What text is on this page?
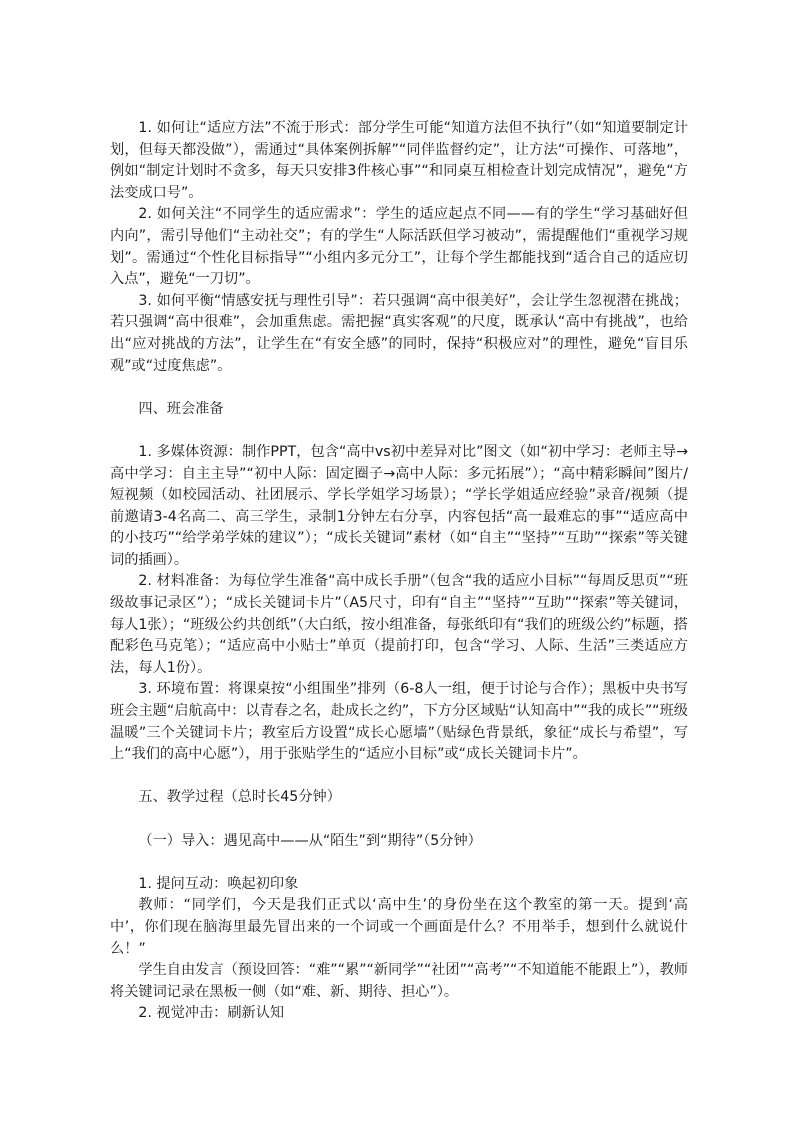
1. 如何让“适应方法”不流于形式：部分学生可能“知道方法但不执行”（如“知道要制定计划，但每天都没做”），需通过“具体案例拆解”“同伴监督约定”，让方法“可操作、可落地”，例如“制定计划时不贪多，每天只安排3件核心事”“和同桌互相检查计划完成情况”，避免“方法变成口号”。

2. 如何关注“不同学生的适应需求”：学生的适应起点不同——有的学生“学习基础好但内向”，需引导他们“主动社交”；有的学生“人际活跃但学习被动”，需提醒他们“重视学习规划”。需通过“个性化目标指导”“小组内多元分工”，让每个学生都能找到“适合自己的适应切入点”，避免“一刀切”。

3. 如何平衡“情感安抚与理性引导”：若只强调“高中很美好”，会让学生忽视潜在挑战；若只强调“高中很难”，会加重焦虑。需把握“真实客观”的尺度，既承认“高中有挑战”，也给出“应对挑战的方法”，让学生在“有安全感”的同时，保持“积极应对”的理性，避免“盲目乐观”或“过度焦虑”。

四、班会准备

1. 多媒体资源：制作PPT，包含“高中vs初中差异对比”图文（如“初中学习：老师主导→高中学习：自主主导”“初中人际：固定圈子→高中人际：多元拓展”）；“高中精彩瞬间”图片/短视频（如校园活动、社团展示、学长学姐学习场景）；“学长学姐适应经验”录音/视频（提前邀请3-4名高二、高三学生，录制1分钟左右分享，内容包括“高一最难忘的事”“适应高中的小技巧”“给学弟学妹的建议”）；“成长关键词”素材（如“自主”“坚持”“互助”“探索”等关键词的插画）。

2. 材料准备：为每位学生准备“高中成长手册”（包含“我的适应小目标”“每周反思页”“班级故事记录区”）；“成长关键词卡片”（A5尺寸，印有“自主”“坚持”“互助”“探索”等关键词，每人1张）；“班级公约共创纸”（大白纸，按小组准备，每张纸印有“我们的班级公约”标题，搭配彩色马克笔）；“适应高中小贴士”单页（提前打印，包含“学习、人际、生活”三类适应方法，每人1份）。

3. 环境布置：将课桌按“小组围坐”排列（6-8人一组，便于讨论与合作）；黑板中央书写班会主题“启航高中：以青春之名，赴成长之约”，下方分区域贴“认知高中”“我的成长”“班级温暖”三个关键词卡片；教室后方设置“成长心愿墙”（贴绿色背景纸，象征“成长与希望”，写上“我们的高中心愿”），用于张贴学生的“适应小目标”或“成长关键词卡片”。

五、教学过程（总时长45分钟）

（一）导入：遇见高中——从“陌生”到“期待”（5分钟）

1. 提问互动：唤起初印象

教师：“同学们，今天是我们正式以‘高中生’的身份坐在这个教室的第一天。提到‘高中’，你们现在脑海里最先冒出来的一个词或一个画面是什么？不用举手，想到什么就说什么！”

学生自由发言（预设回答：“难”“累”“新同学”“社团”“高考”“不知道能不能跟上”），教师将关键词记录在黑板一侧（如“难、新、期待、担心”）。

2. 视觉冲击：刷新认知
